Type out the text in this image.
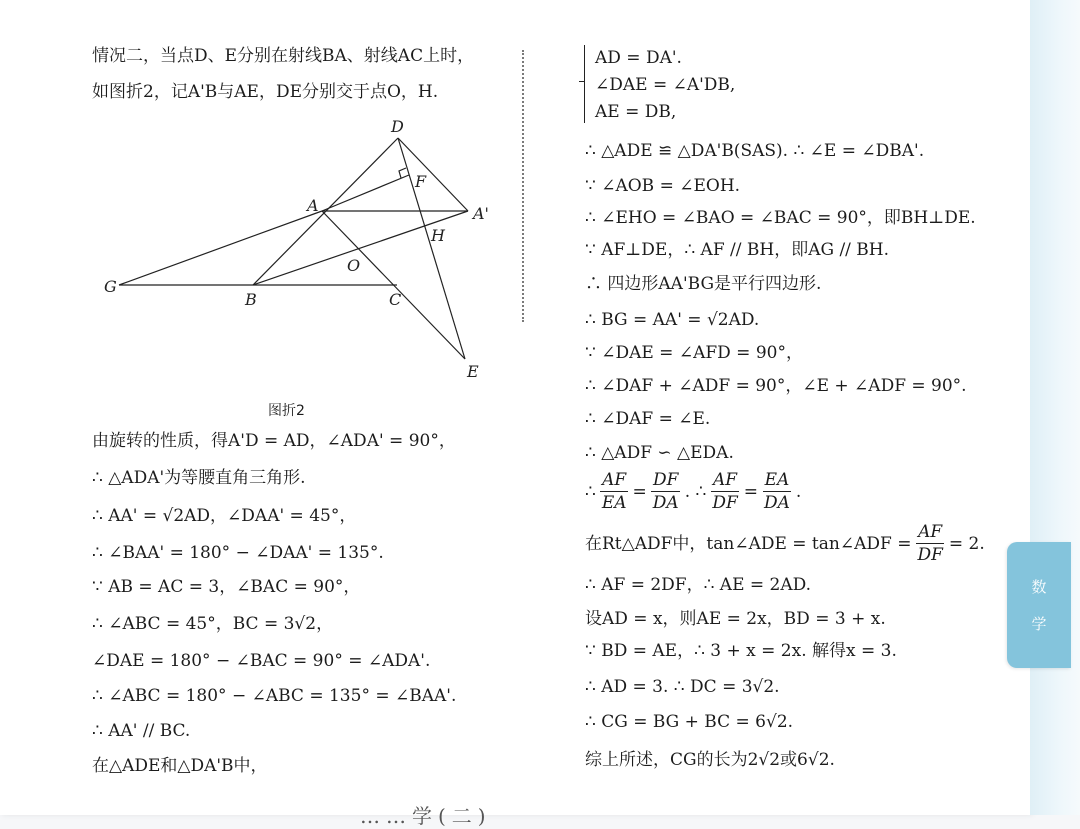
情况二，当点D、E分别在射线BA、射线AC上时，
如图折2，记A'B与AE，DE分别交于点O，H.
由旋转的性质，得A'D = AD，∠ADA' = 90°，
∴ △ADA'为等腰直角三角形.
∴ AA' = √2AD，∠DAA' = 45°，
∴ ∠BAA' = 180° − ∠DAA' = 135°.
∵ AB = AC = 3，∠BAC = 90°，
∴ ∠ABC = 45°，BC = 3√2，
∠DAE = 180° − ∠BAC = 90° = ∠ADA'.
∴ ∠ABC = 180° − ∠ABC = 135° = ∠BAA'.
∴ AA' // BC.
在△ADE和△DA'B中，
D
F
A	A'
H
O
C
B
G
E
图折2
AD = DA'.
∠DAE = ∠A'DB,
AE = DB,
∴ △ADE ≌ △DA'B(SAS). ∴ ∠E = ∠DBA'.
∵ ∠AOB = ∠EOH.
∴ ∠EHO = ∠BAO = ∠BAC = 90°，即BH⊥DE.
∵ AF⊥DE，∴ AF // BH，即AG // BH.
∴ 四边形AA'BG是平行四边形.
∴ BG = AA' = √2AD.
∵ ∠DAE = ∠AFD = 90°，
∴ ∠DAF + ∠ADF = 90°，∠E + ∠ADF = 90°.
∴ ∠DAF = ∠E.
∴ △ADF ∽ △EDA.
∴ $\frac{AF}{EA} = \frac{DF}{DA}$ . ∴ $\frac{AF}{DF} = \frac{EA}{DA}$ .
在Rt△ADF中，tan∠ADE = tan∠ADF = $\frac{AF}{DF} = 2$.
∴ AF = 2DF，∴ AE = 2AD.
设AD = x，则AE = 2x，BD = 3 + x.
∵ BD = AE，∴ 3 + x = 2x. 解得x = 3.
∴ AD = 3. ∴ DC = 3√2.
∴ CG = BG + BC = 6√2.
综上所述，CG的长为2√2或6√2.
……学(二)
数
学
